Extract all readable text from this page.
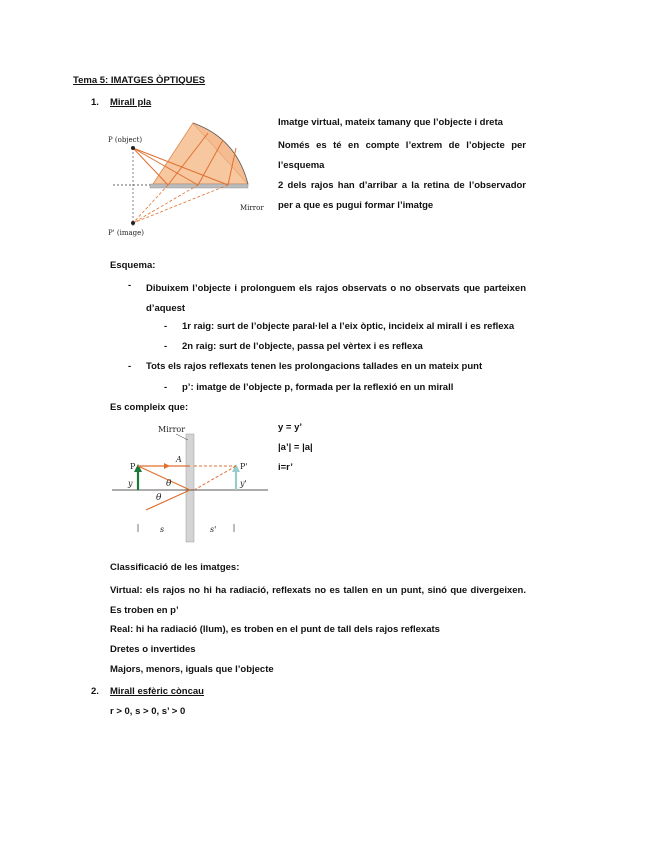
Tema 5: IMATGES ÒPTIQUES
1. Mirall pla
P (object)
P' (image)
Mirror
Imatge virtual, mateix tamany que l’objecte i dreta
Només es té en compte l’extrem de l’objecte per l’esquema
2 dels rajos han d’arribar a la retina de l’observador per a que es pugui formar l’imatge
Esquema:
- Dibuixem l’objecte i prolonguem els rajos observats o no observats que parteixen d’aquest
- 1r raig: surt de l’objecte paral·lel a l’eix òptic, incideix al mirall i es reflexa
- 2n raig: surt de l’objecte, passa pel vèrtex i es reflexa
- Tots els rajos reflexats tenen les prolongacions tallades en un mateix punt
- p’: imatge de l’objecte p, formada per la reflexió en un mirall
Es compleix que:
Mirror
P	P'
A
y	y'
θ
θ
s	s'
y = y’
|a’| = |a|
i=r’
Classificació de les imatges:
Virtual: els rajos no hi ha radiació, reflexats no es tallen en un punt, sinó que divergeixen. Es troben en p’
Real: hi ha radiació (llum), es troben en el punt de tall dels rajos reflexats
Dretes o invertides
Majors, menors, iguals que l’objecte
2. Mirall esfèric còncau
r > 0, s > 0, s’ > 0
